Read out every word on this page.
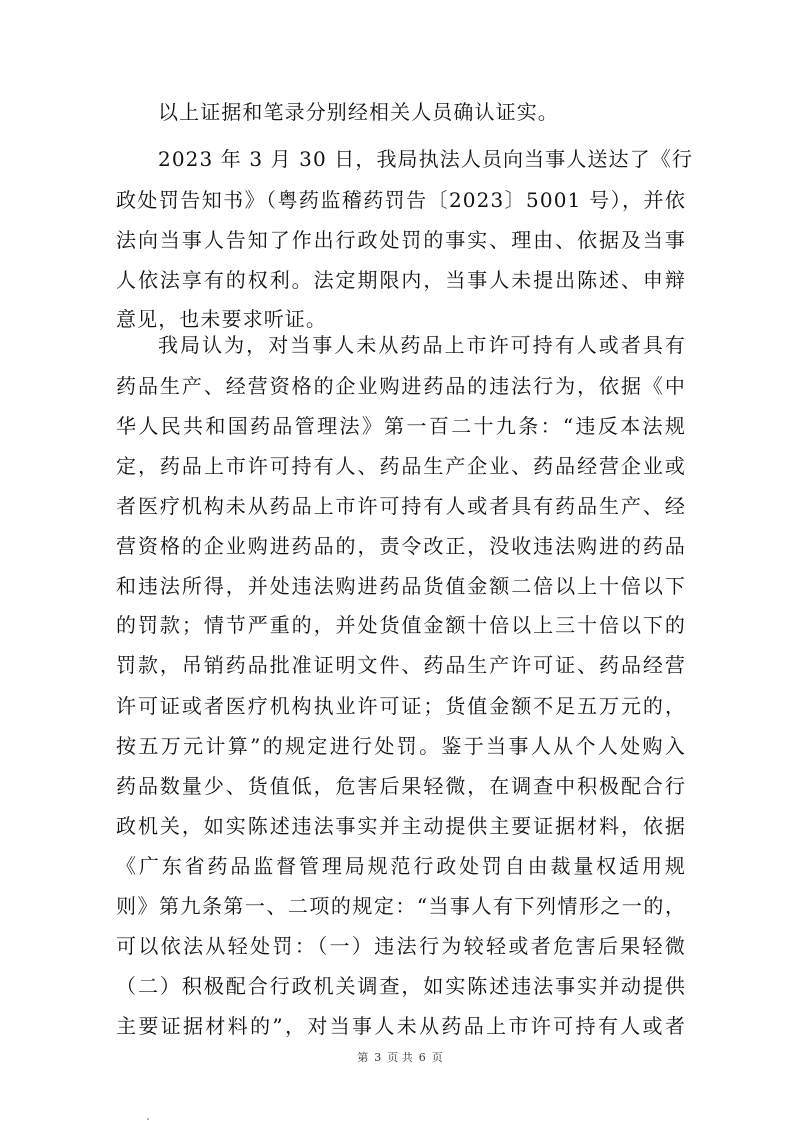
以上证据和笔录分别经相关人员确认证实。
2023 年 3 月 30 日，我局执法人员向当事人送达了《行
政处罚告知书》（粤药监稽药罚告〔2023〕5001 号），并依
法向当事人告知了作出行政处罚的事实、理由、依据及当事
人依法享有的权利。法定期限内，当事人未提出陈述、申辩
意见，也未要求听证。
我局认为，对当事人未从药品上市许可持有人或者具有
药品生产、经营资格的企业购进药品的违法行为，依据《中
华人民共和国药品管理法》第一百二十九条：“违反本法规
定，药品上市许可持有人、药品生产企业、药品经营企业或
者医疗机构未从药品上市许可持有人或者具有药品生产、经
营资格的企业购进药品的，责令改正，没收违法购进的药品
和违法所得，并处违法购进药品货值金额二倍以上十倍以下
的罚款；情节严重的，并处货值金额十倍以上三十倍以下的
罚款，吊销药品批准证明文件、药品生产许可证、药品经营
许可证或者医疗机构执业许可证；货值金额不足五万元的，
按五万元计算”的规定进行处罚。鉴于当事人从个人处购入
药品数量少、货值低，危害后果轻微，在调查中积极配合行
政机关，如实陈述违法事实并主动提供主要证据材料，依据
《广东省药品监督管理局规范行政处罚自由裁量权适用规
则》第九条第一、二项的规定：“当事人有下列情形之一的，
可以依法从轻处罚：（一）违法行为较轻或者危害后果轻微
（二）积极配合行政机关调查，如实陈述违法事实并动提供
主要证据材料的”，对当事人未从药品上市许可持有人或者
第 3 页 共 6 页
